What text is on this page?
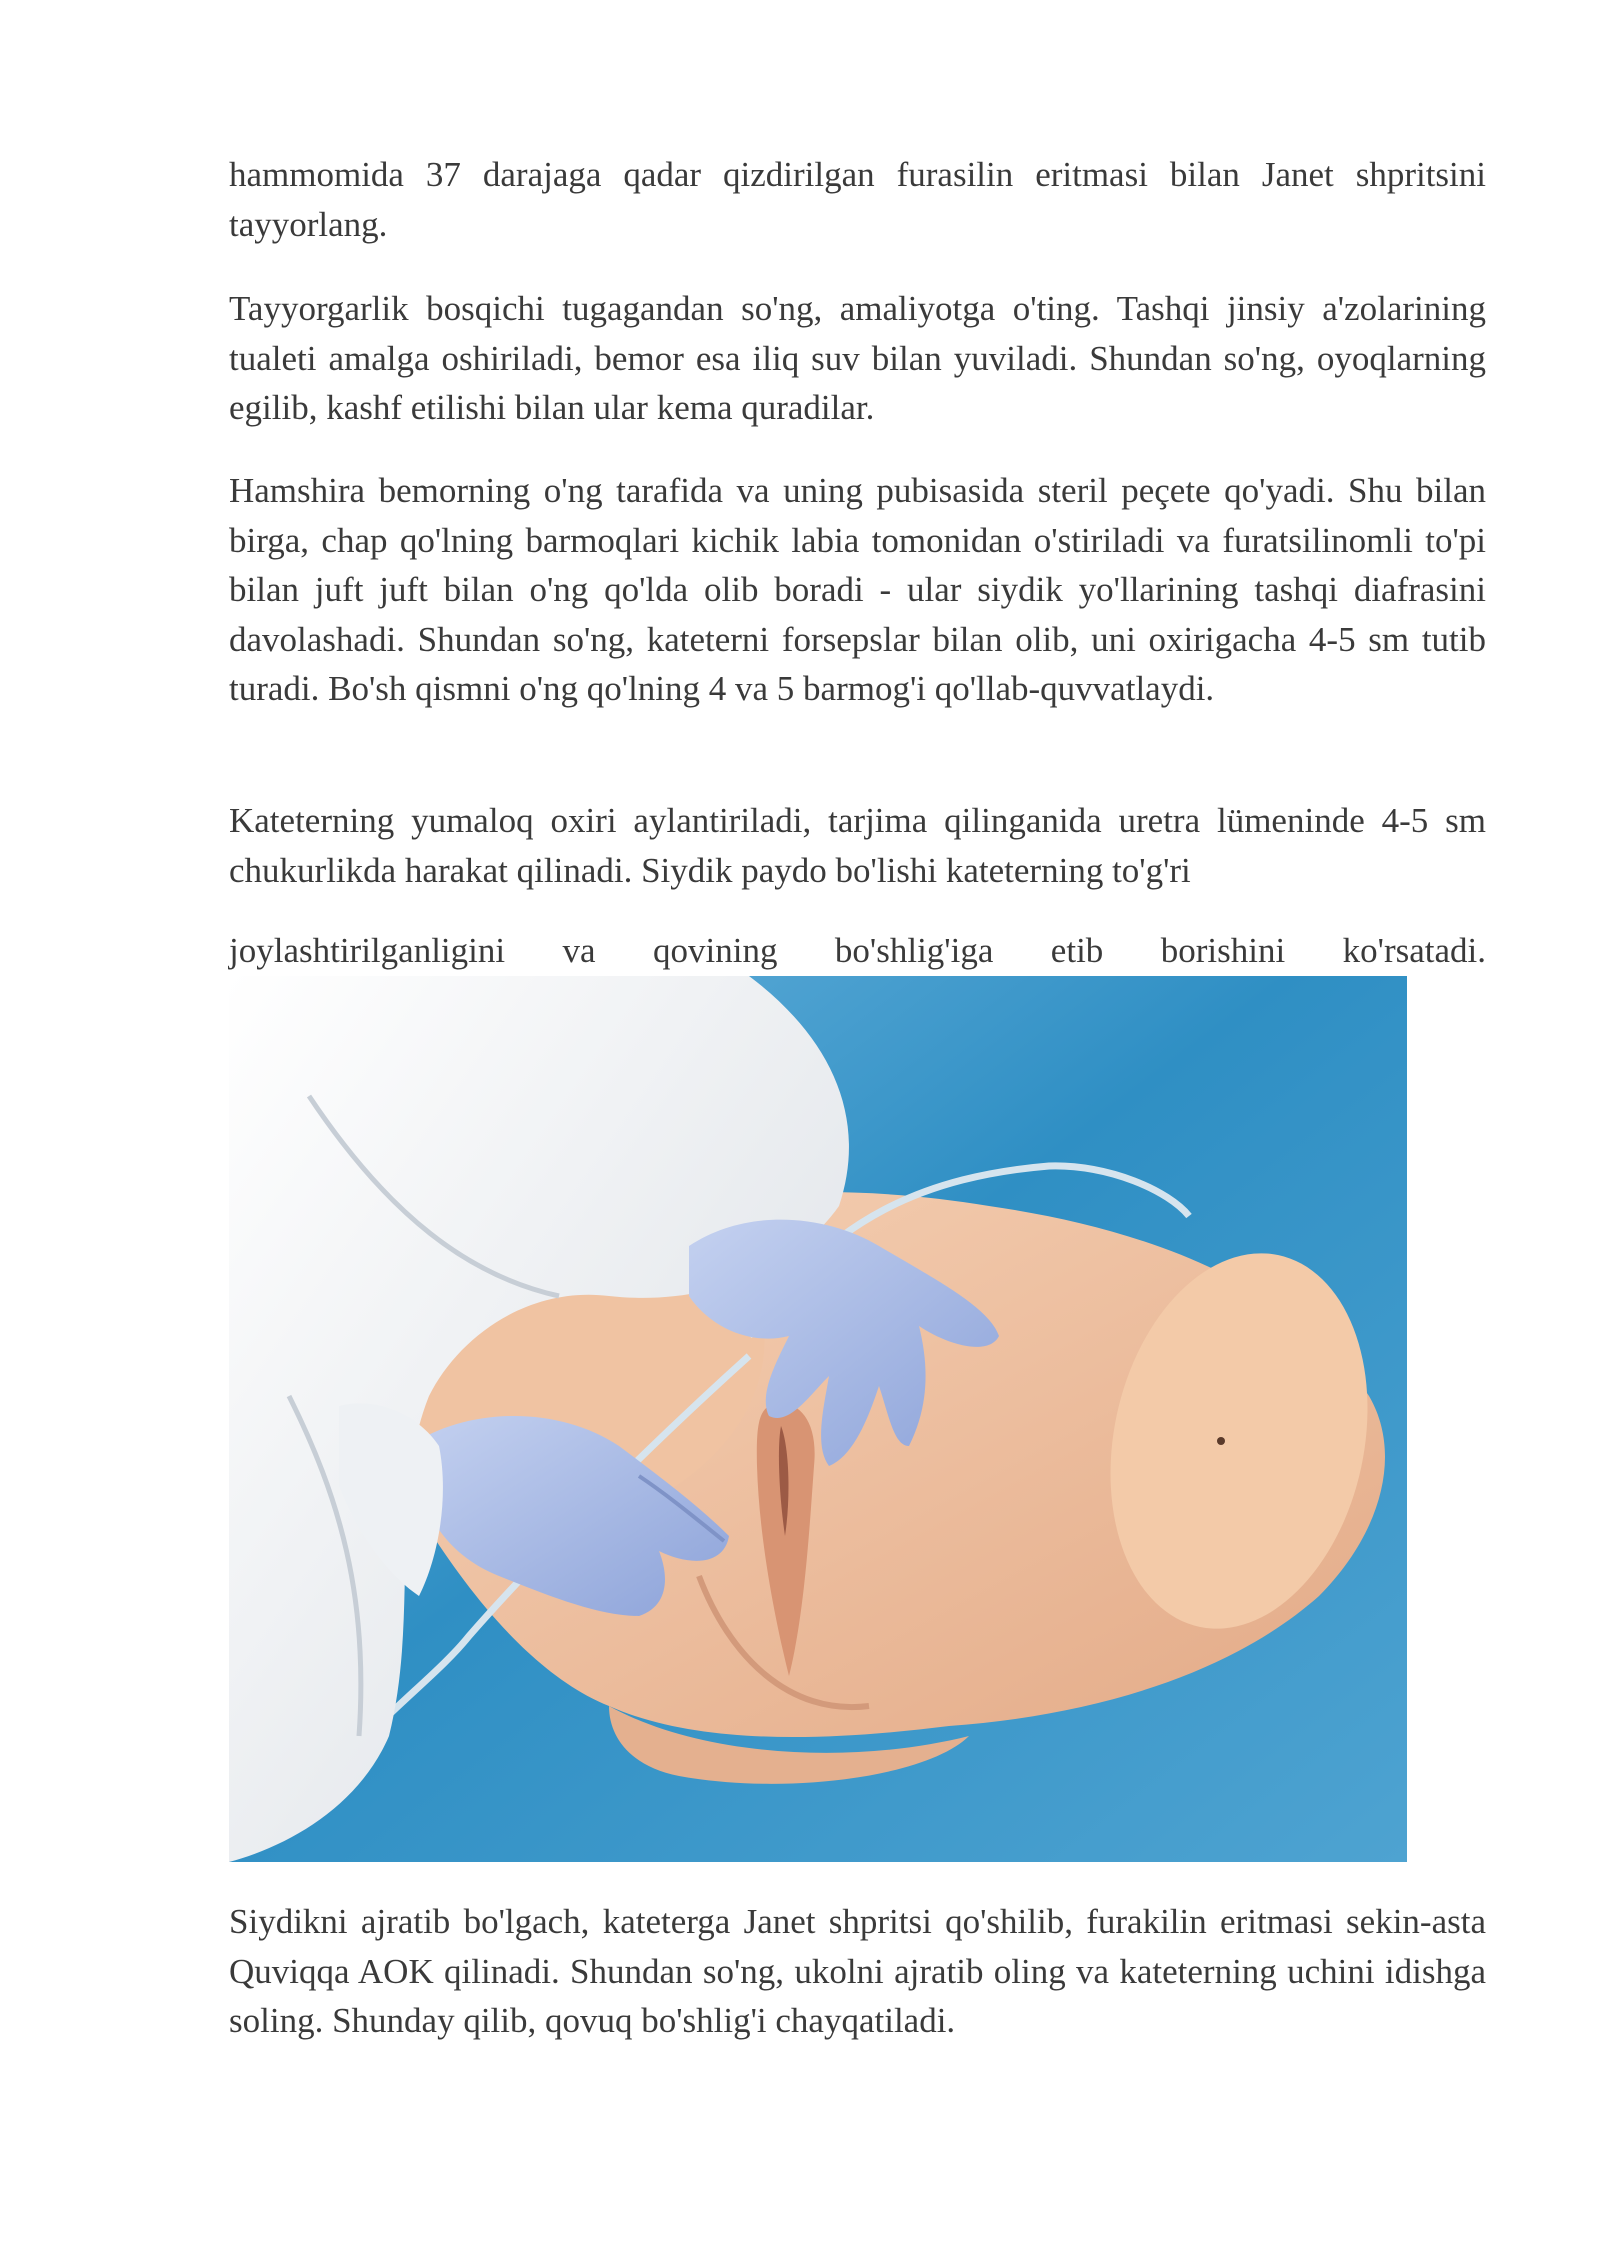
hammomida 37 darajaga qadar qizdirilgan furasilin eritmasi bilan Janet shpritsini tayyorlang.

Tayyorgarlik bosqichi tugagandan so'ng, amaliyotga o'ting. Tashqi jinsiy a'zolarining tualeti amalga oshiriladi, bemor esa iliq suv bilan yuviladi. Shundan so'ng, oyoqlarning egilib, kashf etilishi bilan ular kema quradilar.

Hamshira bemorning o'ng tarafida va uning pubisasida steril peçete qo'yadi. Shu bilan birga, chap qo'lning barmoqlari kichik labia tomonidan o'stiriladi va furatsilinomli to'pi bilan juft juft bilan o'ng qo'lda olib boradi - ular siydik yo'llarining tashqi diafrasini davolashadi. Shundan so'ng, kateterni forsepslar bilan olib, uni oxirigacha 4-5 sm tutib turadi. Bo'sh qismni o'ng qo'lning 4 va 5 barmog'i qo'llab-quvvatlaydi.

Kateterning yumaloq oxiri aylantiriladi, tarjima qilinganida uretra lümeninde 4-5 sm chukurlikda harakat qilinadi. Siydik paydo bo'lishi kateterning to'g'ri

joylashtirilganligini va qovining bo'shlig'iga etib borishini ko'rsatadi.

Siydikni ajratib bo'lgach, kateterga Janet shpritsi qo'shilib, furakilin eritmasi sekin-asta Quviqqa AOK qilinadi. Shundan so'ng, ukolni ajratib oling va kateterning uchini idishga soling. Shunday qilib, qovuq bo'shlig'i chayqatiladi.
